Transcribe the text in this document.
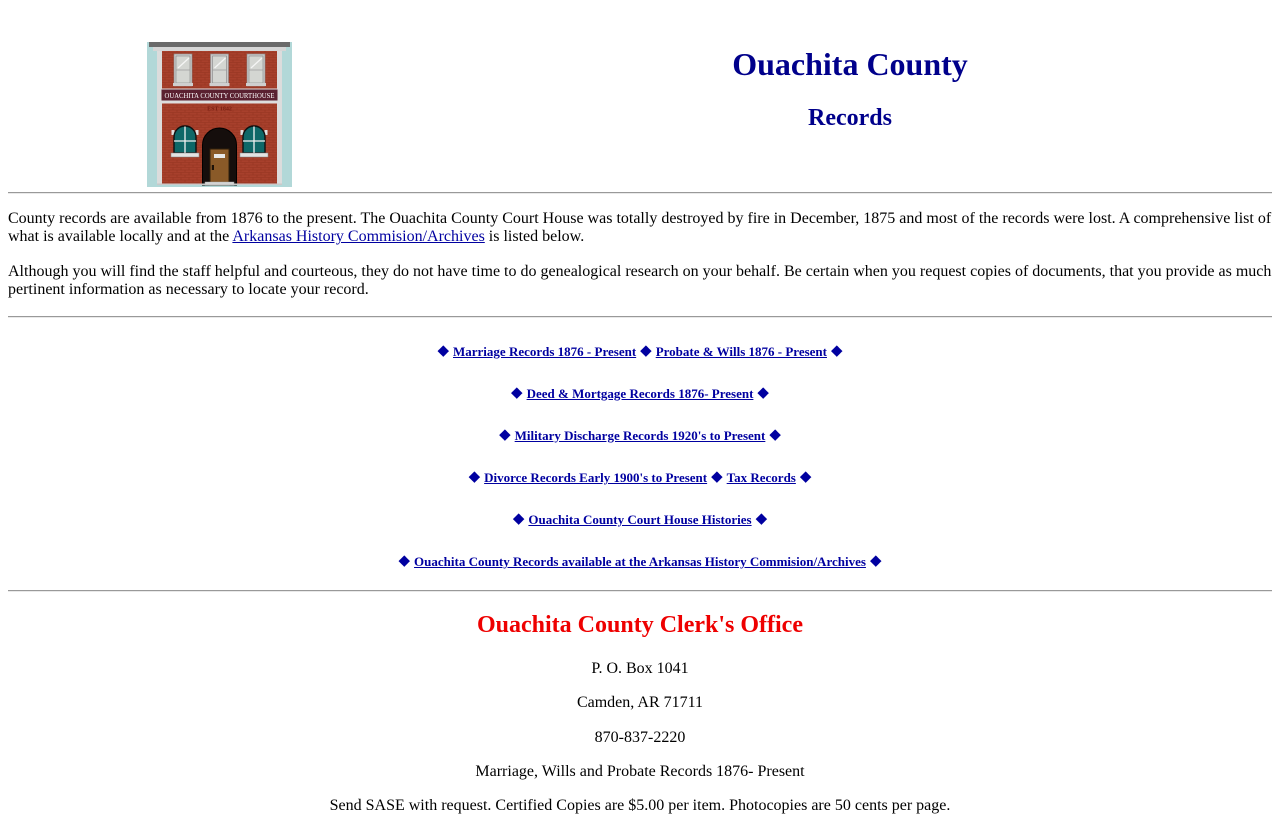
OUACHITA COUNTY COURTHOUSE
EST 1842
Ouachita County
Records

County records are available from 1876 to the present. The Ouachita County Court House was totally destroyed by fire in December, 1875 and most of the records were lost. A comprehensive list of what is available locally and at the Arkansas History Commision/Archives is listed below.

Although you will find the staff helpful and courteous, they do not have time to do genealogical research on your behalf. Be certain when you request copies of documents, that you provide as much pertinent information as necessary to locate your record.

◆ Marriage Records 1876 - Present ◆ Probate & Wills 1876 - Present ◆
◆ Deed & Mortgage Records 1876- Present ◆
◆ Military Discharge Records 1920's to Present ◆
◆ Divorce Records Early 1900's to Present ◆ Tax Records ◆
◆ Ouachita County Court House Histories ◆
◆ Ouachita County Records available at the Arkansas History Commision/Archives ◆
Ouachita County Clerk's Office

P. O. Box 1041

Camden, AR 71711

870-837-2220

Marriage, Wills and Probate Records 1876- Present

Send SASE with request. Certified Copies are $5.00 per item. Photocopies are 50 cents per page.
